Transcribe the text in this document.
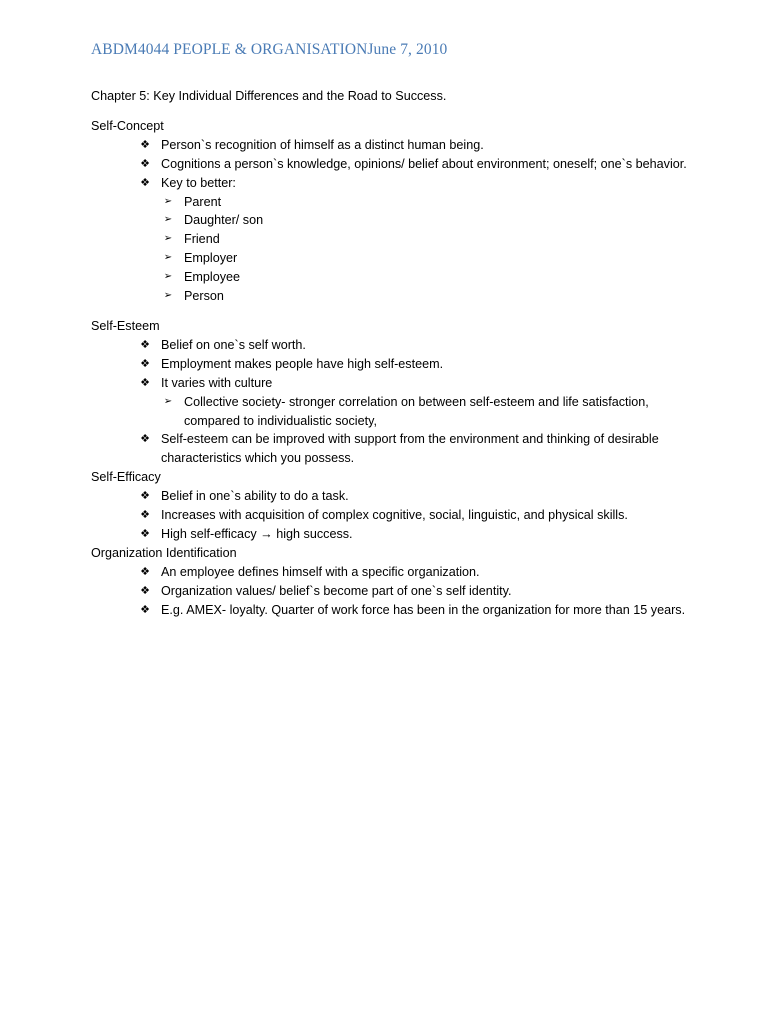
ABDM4044 PEOPLE & ORGANISATIONJune 7, 2010
Chapter 5: Key Individual Differences and the Road to Success.
Self-Concept
❖ Person`s recognition of himself as a distinct human being.
❖ Cognitions a person`s knowledge, opinions/ belief about environment; oneself; one`s behavior.
❖ Key to better:
➢ Parent
➢ Daughter/ son
➢ Friend
➢ Employer
➢ Employee
➢ Person
Self-Esteem
❖ Belief on one`s self worth.
❖ Employment makes people have high self-esteem.
❖ It varies with culture
➢ Collective society- stronger correlation on between self-esteem and life satisfaction, compared to individualistic society,
❖ Self-esteem can be improved with support from the environment and thinking of desirable characteristics which you possess.
Self-Efficacy
❖ Belief in one`s ability to do a task.
❖ Increases with acquisition of complex cognitive, social, linguistic, and physical skills.
❖ High self-efficacy → high success.
Organization Identification
❖ An employee defines himself with a specific organization.
❖ Organization values/ belief`s become part of one`s self identity.
❖ E.g. AMEX- loyalty. Quarter of work force has been in the organization for more than 15 years.
